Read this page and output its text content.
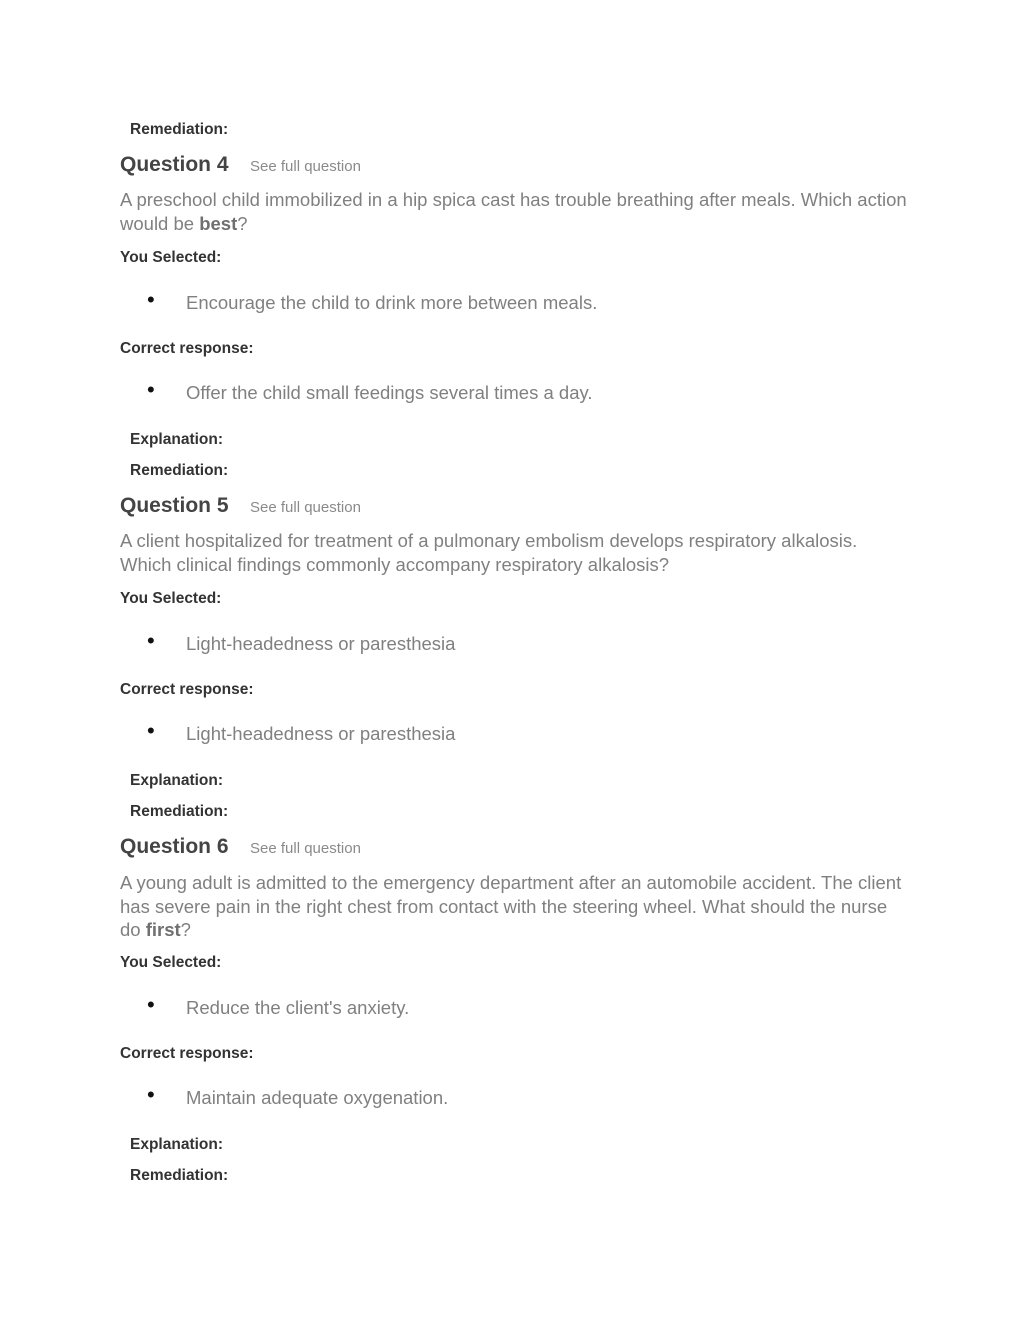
Remediation:
Question 4 See full question
A preschool child immobilized in a hip spica cast has trouble breathing after meals. Which action would be best?
You Selected:
• Encourage the child to drink more between meals.
Correct response:
• Offer the child small feedings several times a day.
Explanation:
Remediation:
Question 5 See full question
A client hospitalized for treatment of a pulmonary embolism develops respiratory alkalosis. Which clinical findings commonly accompany respiratory alkalosis?
You Selected:
• Light-headedness or paresthesia
Correct response:
• Light-headedness or paresthesia
Explanation:
Remediation:
Question 6 See full question
A young adult is admitted to the emergency department after an automobile accident. The client has severe pain in the right chest from contact with the steering wheel. What should the nurse do first?
You Selected:
• Reduce the client's anxiety.
Correct response:
• Maintain adequate oxygenation.
Explanation:
Remediation:
